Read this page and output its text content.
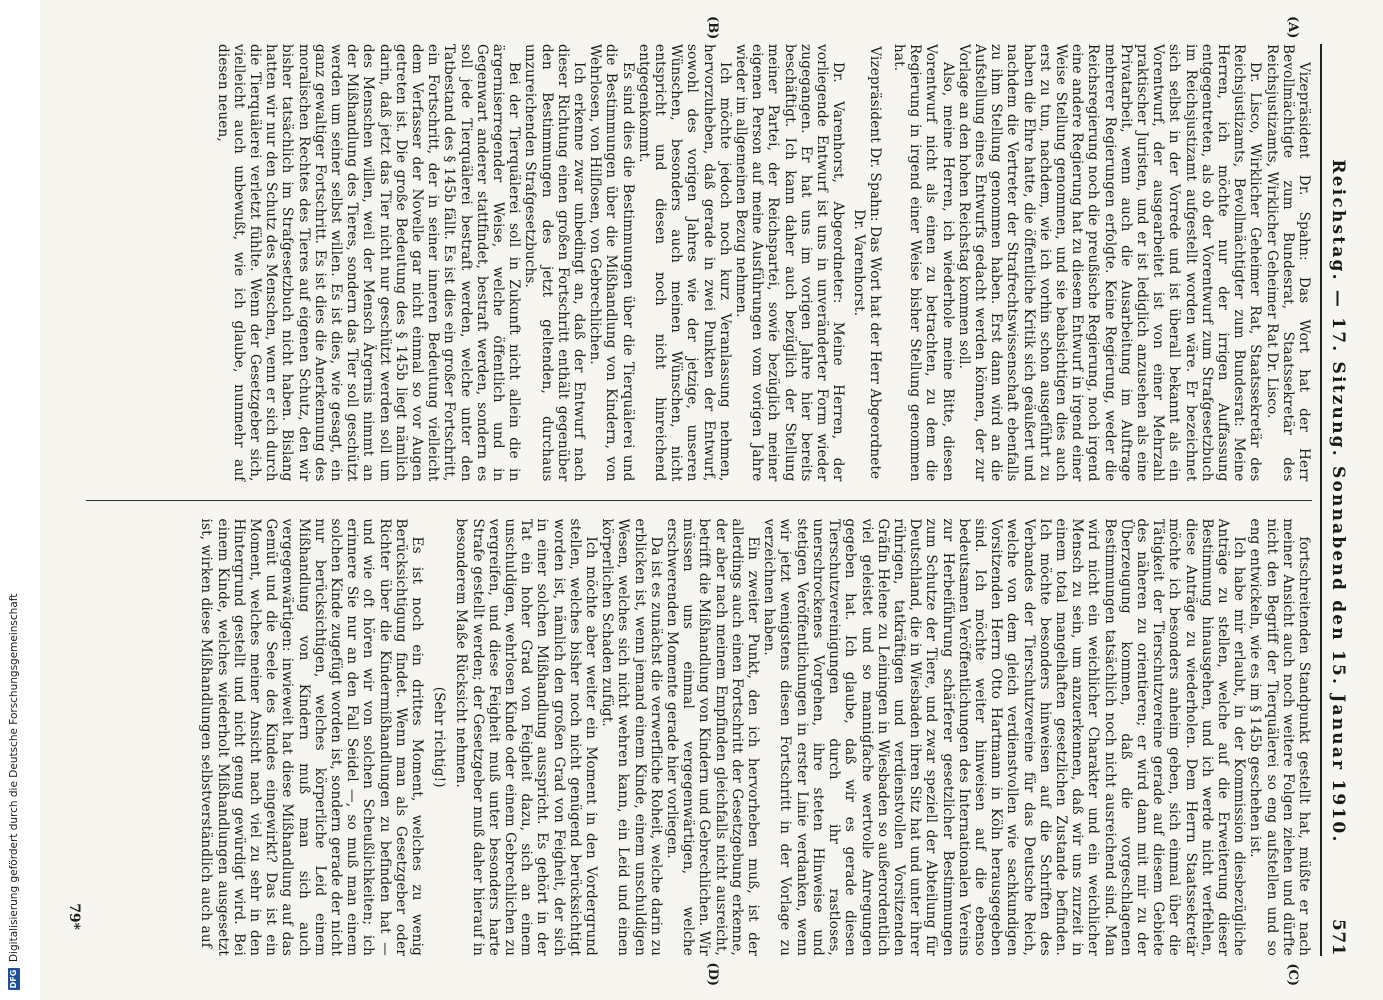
DFG
Digitalisierung gefördert durch die Deutsche Forschungsgemeinschaft	Reichstag. — 17. Sitzung. Sonnabend den 15. Januar 1910.
571
(A)
(B)
(C)
(D)

Vizepräsident Dr. Spahn: Das Wort hat der Herr Bevollmächtigte zum Bundesrat, Staatssekretär des Reichsjustizamts, Wirklicher Geheimer Rat Dr. Lisco.

Dr. Lisco, Wirklicher Geheimer Rat, Staatssekretär des Reichsjustizamts, Bevollmächtigter zum Bundesrat: Meine Herren, ich möchte nur der irrigen Auffassung entgegentreten, als ob der Vorentwurf zum Strafgesetzbuch im Reichsjustizamt aufgestellt worden wäre. Er bezeichnet sich selbst in der Vorrede und ist überall bekannt als ein Vorentwurf, der ausgearbeitet ist von einer Mehrzahl praktischer Juristen, und er ist lediglich anzusehen als eine Privatarbeit, wenn auch die Ausarbeitung im Auftrage mehrerer Regierungen erfolgte. Keine Regierung, weder die Reichsregierung noch die preußische Regierung, noch irgend eine andere Regierung hat zu diesem Entwurf in irgend einer Weise Stellung genommen, und sie beabsichtigen dies auch erst zu tun, nachdem, wie ich vorhin schon ausgeführt zu haben die Ehre hatte, die öffentliche Kritik sich geäußert und nachdem die Vertreter der Strafrechtswissenschaft ebenfalls zu ihm Stellung genommen haben. Erst dann wird an die Aufstellung eines Entwurfs gedacht werden können, der zur Vorlage an den hohen Reichstag kommen soll.

Also, meine Herren, ich wiederhole meine Bitte, diesen Vorentwurf nicht als einen zu betrachten, zu dem die Regierung in irgend einer Weise bisher Stellung genommen hat.

Vizepräsident Dr. Spahn: Das Wort hat der Herr Abgeordnete Dr. Varenhorst.

Dr. Varenhorst, Abgeordneter: Meine Herren, der vorliegende Entwurf ist uns in unveränderter Form wieder zugegangen. Er hat uns im vorigen Jahre hier bereits beschäftigt. Ich kann daher auch bezüglich der Stellung meiner Partei, der Reichspartei, sowie bezüglich meiner eigenen Person auf meine Ausführungen vom vorigen Jahre wieder im allgemeinen Bezug nehmen.

Ich möchte jedoch noch kurz Veranlassung nehmen, hervorzuheben, daß gerade in zwei Punkten der Entwurf, sowohl des vorigen Jahres wie der jetzige, unseren Wünschen, besonders auch meinen Wünschen, nicht entspricht und diesen noch nicht hinreichend entgegenkommt.

Es sind dies die Bestimmungen über die Tierquälerei und die Bestimmungen über die Mißhandlung von Kindern, von Wehrlosen, von Hilflosen, von Gebrechlichen.

Ich erkenne zwar unbedingt an, daß der Entwurf nach dieser Richtung einen großen Fortschritt enthält gegenüber den Bestimmungen des jetzt geltenden, durchaus unzureichenden Strafgesetzbuchs.

Bei der Tierquälerei soll in Zukunft nicht allein die in ärgerniserregender Weise, welche öffentlich und in Gegenwart anderer stattfindet, bestraft werden, sondern es soll jede Tierquälerei bestraft werden, welche unter den Tatbestand des § 145b fällt. Es ist dies ein großer Fortschritt, ein Fortschritt, der in seiner inneren Bedeutung vielleicht dem Verfasser der Novelle gar nicht einmal so vor Augen getreten ist. Die große Bedeutung des § 145b liegt nämlich darin, daß jetzt das Tier nicht nur geschützt werden soll um des Menschen willen, weil der Mensch Ärgernis nimmt an der Mißhandlung des Tieres, sondern das Tier soll geschützt werden um seiner selbst willen. Es ist dies, wie gesagt, ein ganz gewaltiger Fortschritt. Es ist dies die Anerkennung des moralischen Rechtes des Tieres auf eigenen Schutz, den wir bisher tatsächlich im Strafgesetzbuch nicht haben. Bislang hatten wir nur den Schutz des Menschen, wenn er sich durch die Tierquälerei verletzt fühlte. Wenn der Gesetzgeber sich, vielleicht auch unbewußt, wie ich glaube, nunmehr auf diesen neuen,

fortschreitenden Standpunkt gestellt hat, müßte er nach meiner Ansicht auch noch weitere Folgen ziehen und dürfte nicht den Begriff der Tierquälerei so eng aufstellen und so eng entwickeln, wie es im § 145b geschehen ist.

Ich habe mir erlaubt, in der Kommission diesbezügliche Anträge zu stellen, welche auf die Erweiterung dieser Bestimmung hinausgehen, und ich werde nicht verfehlen, diese Anträge zu wiederholen. Dem Herrn Staatssekretär möchte ich besonders anheim geben, sich einmal über die Tätigkeit der Tierschutzvereine gerade auf diesem Gebiete des näheren zu orientieren; er wird dann mit mir zu der Überzeugung kommen, daß die vorgeschlagenen Bestimmungen tatsächlich noch nicht ausreichend sind. Man wird nicht ein weichlicher Charakter und ein weichlicher Mensch zu sein, um anzuerkennen, daß wir uns zurzeit in einem total mangelhaften gesetzlichen Zustande befinden. Ich möchte besonders hinweisen auf die Schriften des Verbandes der Tierschutzvereine für das Deutsche Reich, welche von dem gleich verdienstvollen wie sachkundigen Vorsitzenden Herrn Otto Hartmann in Köln herausgegeben sind. Ich möchte weiter hinweisen auf die ebenso bedeutsamen Veröffentlichungen des Internationalen Vereins zur Herbeiführung schärferer gesetzlicher Bestimmungen zum Schutze der Tiere, und zwar speziell der Abteilung für Deutschland, die in Wiesbaden ihren Sitz hat und unter ihrer rührigen, tatkräftigen und verdienstvollen Vorsitzenden Gräfin Helene zu Leiningen in Wiesbaden so außerordentlich viel geleistet und so mannigfache wertvolle Anregungen gegeben hat. Ich glaube, daß wir es gerade diesen Tierschutzvereinigungen durch ihr rastloses, unerschrockenes Vorgehen, ihre steten Hinweise und stetigen Veröffentlichungen in erster Linie verdanken, wenn wir jetzt wenigstens diesen Fortschritt in der Vorlage zu verzeichnen haben.

Ein zweiter Punkt, den ich hervorheben muß, ist der allerdings auch einen Fortschritt der Gesetzgebung erkenne, der aber nach meinem Empfinden gleichfalls nicht ausreicht, betrifft die Mißhandlung von Kindern und Gebrechlichen. Wir müssen uns einmal vergegenwärtigen, welche erschwerenden Momente gerade hier vorliegen.

Da ist es zunächst die verwerfliche Roheit, welche darin zu erblicken ist, wenn jemand einem Kinde, einem unschuldigen Wesen, welches sich nicht wehren kann, ein Leid und einen körperlichen Schaden zufügt.

Ich möchte aber weiter ein Moment in den Vordergrund stellen, welches bisher noch nicht genügend berücksichtigt worden ist, nämlich den großen Grad von Feigheit, der sich in einer solchen Mißhandlung ausspricht. Es gehört in der Tat ein hoher Grad von Feigheit dazu, sich an einem unschuldigen, wehrlosen Kinde oder einem Gebrechlichen zu vergreifen, und diese Feigheit muß unter besonders harte Strafe gestellt werden; der Gesetzgeber muß daher hierauf in besonderem Maße Rücksicht nehmen.

(Sehr richtig!)

Es ist noch ein drittes Moment, welches zu wenig Berücksichtigung findet. Wenn man als Gesetzgeber oder Richter über die Kindermißhandlungen zu befinden hat — und wie oft hören wir von solchen Scheußlichkeiten; ich erinnere Sie nur an den Fall Seidel —, so muß man einem solchen Kinde zugefügt worden ist, sondern gerade der nicht nur berücksichtigen, welches körperliche Leid einem Mißhandlung von Kindern muß man sich auch vergegenwärtigen: inwieweit hat diese Mißhandlung auf das Gemüt und die Seele des Kindes eingewirkt? Das ist ein Moment, welches meiner Ansicht nach viel zu sehr in den Hintergrund gestellt und nicht genug gewürdigt wird. Bei einem Kinde, welches wiederholt Mißhandlungen ausgesetzt ist, wirken diese Mißhandlungen selbstverständlich auch auf

79*
